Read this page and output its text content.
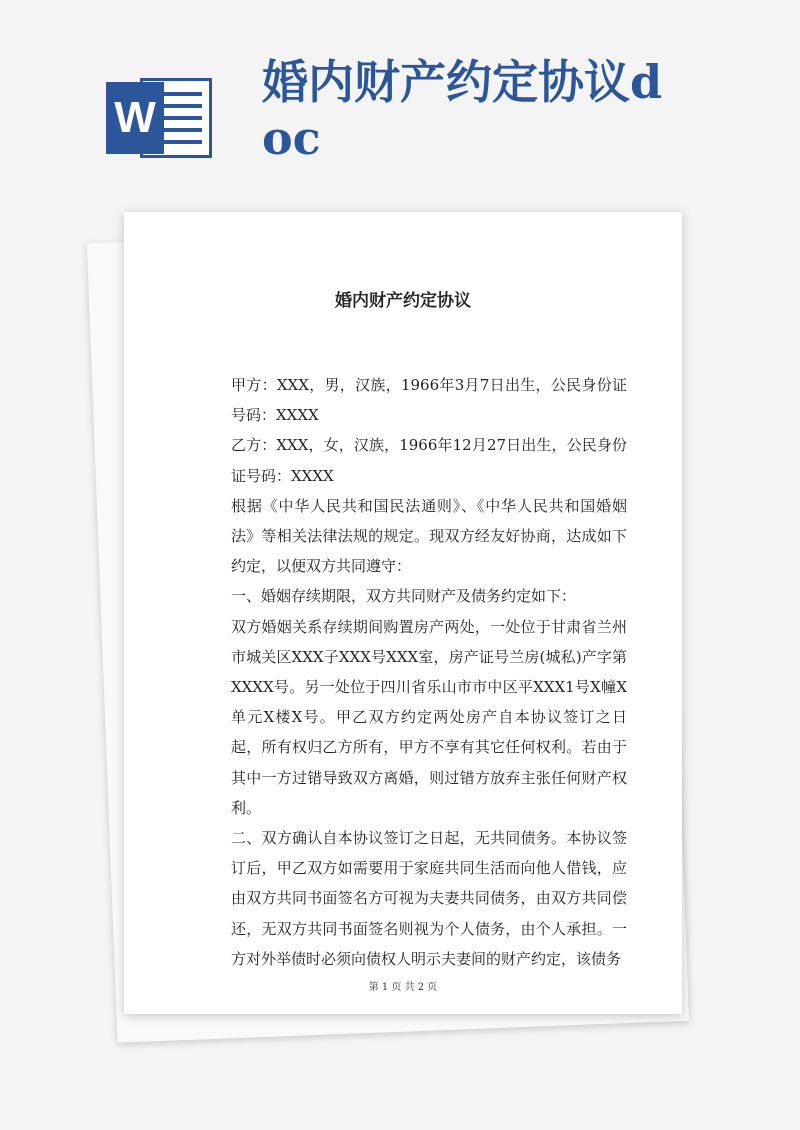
W
婚内财产约定协议doc
婚内财产约定协议

甲方：XXX，男，汉族，1966年3月7日出生，公民身份证号码：XXXX

乙方：XXX，女，汉族，1966年12月27日出生，公民身份证号码：XXXX

根据《中华人民共和国民法通则》、《中华人民共和国婚姻法》等相关法律法规的规定。现双方经友好协商，达成如下约定，以便双方共同遵守：

一、婚姻存续期限，双方共同财产及债务约定如下：

双方婚姻关系存续期间购置房产两处，一处位于甘肃省兰州市城关区XXX子XXX号XXX室，房产证号兰房(城私)产字第XXXX号。另一处位于四川省乐山市市中区平XXX1号X幢X单元X楼X号。甲乙双方约定两处房产自本协议签订之日起，所有权归乙方所有，甲方不享有其它任何权利。若由于其中一方过错导致双方离婚，则过错方放弃主张任何财产权利。

二、双方确认自本协议签订之日起，无共同债务。本协议签订后，甲乙双方如需要用于家庭共同生活而向他人借钱，应由双方共同书面签名方可视为夫妻共同债务，由双方共同偿还，无双方共同书面签名则视为个人债务，由个人承担。一方对外举债时必须向债权人明示夫妻间的财产约定，该债务

第 1 页 共 2 页
